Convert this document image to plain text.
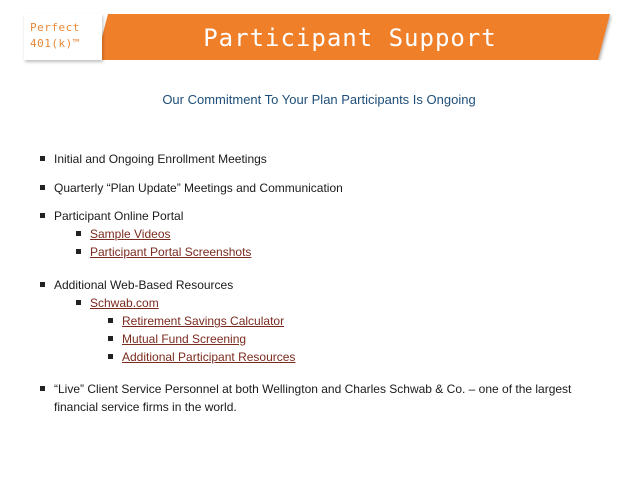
Perfect
401(k)™	Participant Support
Our Commitment To Your Plan Participants Is Ongoing
Initial and Ongoing Enrollment Meetings
Quarterly “Plan Update” Meetings and Communication
Participant Online Portal
Sample Videos
Participant Portal Screenshots
Additional Web-Based Resources
Schwab.com
Retirement Savings Calculator
Mutual Fund Screening
Additional Participant Resources
“Live” Client Service Personnel at both Wellington and Charles Schwab & Co. – one of the largest
financial service firms in the world.
